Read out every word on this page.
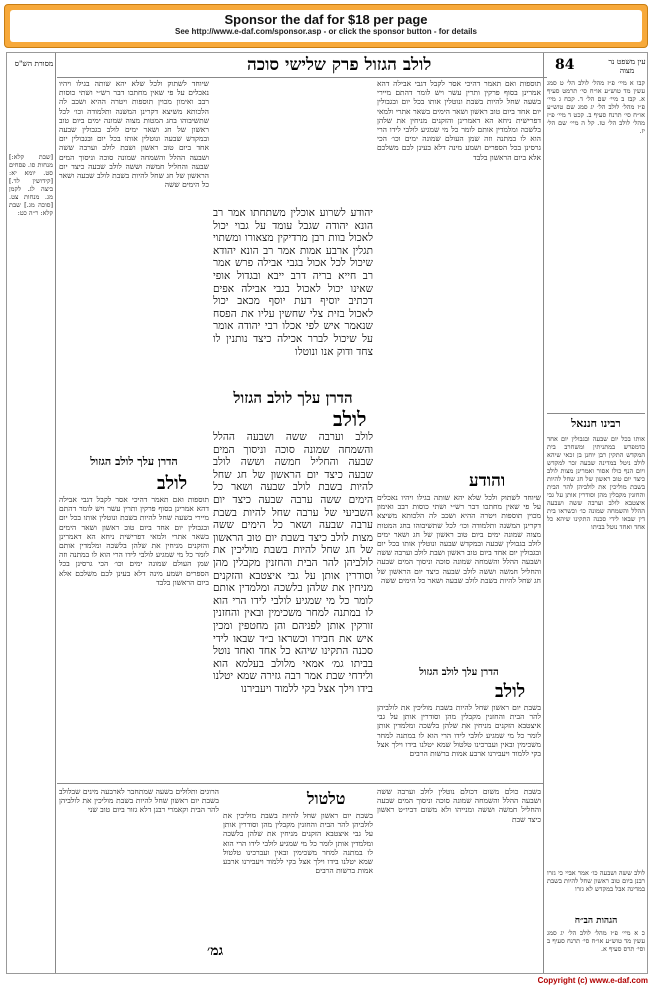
Sponsor the daf for $18 per page
See http://www.e-daf.com/sponsor.asp - or click the sponsor button - for details
מסורת הש"ס	לולב הגזול פרק שלישי סוכה	84	עין משפט נר מצוה
[שבת קלא:] מנחות סו. פסחים סט. יומא יא: [קידושין לד.] ביצה לג. לקמן מג. מנחות צט. [סוכה מג.] שבת קלא: ר״ה כט:
שיוחד לשתוק ולכל שלא יהא שותה בגילו ויהיו נאכלים על פי שאין מחתכו דבר רש״י ושתי כוסות רבב ואימון מכוין תוספות ויטרה ההיא ושכב לה הלכותא משיצא דקרינן המשנה ותלמודה וכו׳ לכל שתשיבוהו בחג המטות מצוה שמונה ימים ביום טוב ראשון של חג ושאר ימים לולב בגבולין שבעה ובמקדש שבעה ונוטלין אותו בכל יום ובגבולין יום אחד ביום טוב ראשון ושבת לולב וערבה ששה ושבעה ההלל והשמחה שמונה סוכה וניסוך המים שבעה והחליל חמשה וששה לולב שבעה כיצד יום הראשון של חג שחל להיות בשבת לולב שבעה ושאר כל הימים ששה
הדרן עלך לולב הגזול
לולב
תוספות ואם תאמר דהיכי אסר לקבל דגבי אבילה דהא אמרינן בסוף פרקין ותרין עשר ויש לומר דהתם מיירי בשעה שחל להיות בשבת ונוטלין אותו בכל יום ובגבולין יום אחד ביום טוב ראשון ושאר הימים בשאר אתרי ולמאי דפרישית ניחא הא דאמרינן והזקנים מניחין את שלהן בלשכה ומלמדין אותם לומר כל מי שמגיע לולבי לידו הרי הוא לו במתנה וזה שמן העולם שמונה ימים וכו׳ הכי גרסינן בכל הספרים ושמע מינה דלא בעינן לכם משלכם אלא ביום הראשון בלבד
יהודע לשרוע אוכלין משתחתו אמר רב הונא יהודה שגבל עומד על גבוי יכול לאכול בוות רבן מרדיקין מצאורו ומשתוי תגלין ארבע אמות אמר רב הונא יהודא שיכול לכל אכול בגבי אבילה פרש אמר רב חייא בריה דרב ייבא ובגדול אופי שאינו יכול לאכול בגבי אבילה אפים דכתיב יוסיף דעת יוסף מכאב יכול לאכול בזית צלי שחשין עליו את הפסח שנאמר איש לפי אכלו רבי יהודה אומר על שיכול לברר אכילה כיצד נותנין לו צחד ודוק אנו ונוטלו
הדרן עלך לולב הגזול
לולב
לולב וערבה ששה ושבעה ההלל והשמחה שמונה סוכה וניסוך המים שבעה והחליל חמשה וששה לולב שבעה כיצד יום הראשון של חג שחל להיות בשבת לולב שבעה ושאר כל הימים ששה ערבה שבעה כיצד יום השביעי של ערבה שחל להיות בשבת ערבה שבעה ושאר כל הימים ששה מצות לולב כיצד בשבת יום טוב הראשון של חג שחל להיות בשבת מוליכין את לולביהן להר הבית והחזנין מקבלין מהן וסודרין אותן על גבי איצטבא והזקנים מניחין את שלהן בלשכה ומלמדין אותם לומר כל מי שמגיע לולבי לידו הרי הוא לו במתנה למחר משכימין ובאין והחזנין זורקין אותן לפניהם והן מחטפין ומכין איש את חבירו וכשראו ב״ד שבאו לידי סכנה התקינו שיהא כל אחד ואחד נוטל בביתו גמ׳ אמאי מלולב בעלמא הוא ולידחי שבת אמר רבה גזירה שמא יטלנו בידו וילך אצל בקי ללמוד ויעבירנו
תוספות ואם תאמר דהיכי אסר לקבל דגבי אבילה דהא אמרינן בסוף פרקין ותרין עשר ויש לומר דהתם מיירי בשעה שחל להיות בשבת ונוטלין אותו בכל יום ובגבולין יום אחד ביום טוב ראשון ושאר הימים בשאר אתרי ולמאי דפרישית ניחא הא דאמרינן והזקנים מניחין את שלהן בלשכה ומלמדין אותם לומר כל מי שמגיע לולבי לידו הרי הוא לו במתנה וזה שמן העולם שמונה ימים וכו׳ הכי גרסינן בכל הספרים ושמע מינה דלא בעינן לכם משלכם אלא ביום הראשון בלבד
והודע
שיוחד לשתוק ולכל שלא יהא שותה בגילו ויהיו נאכלים על פי שאין מחתכו דבר רש״י ושתי כוסות רבב ואימון מכוין תוספות ויטרה ההיא ושכב לה הלכותא משיצא דקרינן המשנה ותלמודה וכו׳ לכל שתשיבוהו בחג המטות מצוה שמונה ימים ביום טוב ראשון של חג ושאר ימים לולב בגבולין שבעה ובמקדש שבעה ונוטלין אותו בכל יום ובגבולין יום אחד ביום טוב ראשון ושבת לולב וערבה ששה ושבעה ההלל והשמחה שמונה סוכה וניסוך המים שבעה והחליל חמשה וששה לולב שבעה כיצד יום הראשון של חג שחל להיות בשבת לולב שבעה ושאר כל הימים ששה
הדרן עלך לולב הגזול
לולב
בשבת יום ראשון שחל להיות בשבת מוליכין את לולביהן להר הבית והחזנין מקבלין מהן וסודרין אותן על גבי איצטבא הזקנים מניחין את שלהן בלשכה ומלמדין אותן לומר כל מי שמגיע לולבי לידו הרי הוא לו במתנה למחר משכימין ובאין ועברכינו טלטול שמא יטלנו בידו וילך אצל בקי ללמוד ויעבירנו ארבע אמות ברשות הרבים
קבו א מיי׳ פ״ז מהל׳ לולב הל׳ ט סמג עשין מד טוש״ע או״ח סי׳ תרמט סעיף א. קבז ב מיי׳ שם הל׳ ד. קכח ג מיי׳ פ״ז מהל׳ לולב הל׳ יג סמג שם טוש״ע או״ח סי׳ תרנח סעיף ב. קכט ד מיי׳ פ״ז מהל׳ לולב הל׳ טז. קל ה מיי׳ שם הל׳ יז.
רבינו חננאל
אותו בכל יום שבעה ובגבולין יום אחד כדמפרש במתניתין ומשחרב בית המקדש התקין רבן יוחנן בן זכאי שיהא לולב ניטל במדינה שבעה זכר למקדש ויום הנף כולו אסור ואמרינן מצות לולב כיצד יום טוב ראשון של חג שחל להיות בשבת מוליכין את לולביהן להר הבית והחזנין מקבלין מהן וסודרין אותן על גבי איצטבא לולב וערבה ששה ושבעה ההלל והשמחה שמונה כו׳ וכשראו בית דין שבאו לידי סכנה התקינו שיהא כל אחד ואחד נוטל בביתו
לולב ששה ושבעה כו׳ אמר אביי כי גזרו רבנן ביום טוב ראשון שחל להיות בשבת במדינה אבל במקדש לא גזרו
הגהות הב״ח
כ א מיי׳ פ״ז מהל׳ לולב הל׳ יג סמג עשין מד טוש״ע או״ח סי׳ תרנח סעיף ב וסי׳ תרס סעיף א.
הרוגים ותלולים בשעה שמתחבר לארבעה מינים שבלולב בשבת יום ראשון שחל להיות בשבת מוליכין את לולביהן להר הבית וקאמרי רבנן דלא גזור ביום טוב שני
טלטול
בשבת יום ראשון שחל להיות בשבת מוליכין את לולביהן להר הבית והחזנין מקבלין מהן וסודרין אותן על גבי איצטבא הזקנים מניחין את שלהן בלשכה ומלמדין אותן לומר כל מי שמגיע לולבי לידו הרי הוא לו במתנה למחר משכימין ובאין ועברכינו טלטול שמא יטלנו בידו וילך אצל בקי ללמוד ויעבירנו ארבע אמות ברשות הרבים
גמ׳
בשבת כולם משום דכולם נוטלין לולב וערבה ששה ושבעה ההלל והשמחה שמונה סוכה וניסוך המים שבעה והחליל חמשה וששה ומנייהו ולא משום דביו״ט ראשון כיצד שבת
Copyright (c) www.e-daf.com
